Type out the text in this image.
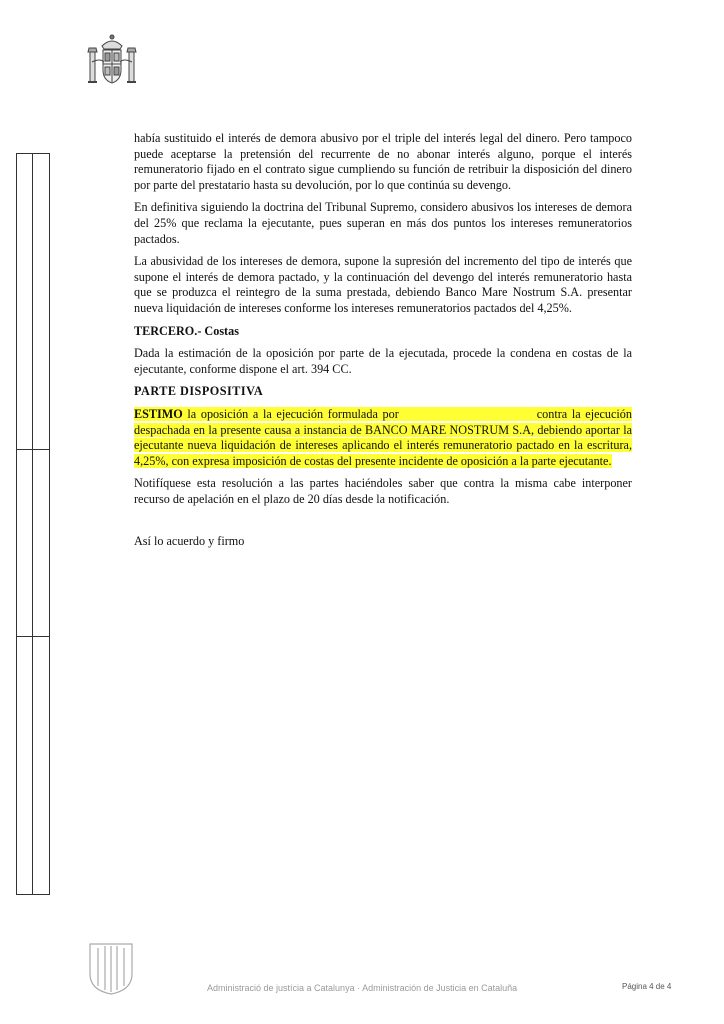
había sustituido el interés de demora abusivo por el triple del interés legal del dinero. Pero tampoco puede aceptarse la pretensión del recurrente de no abonar interés alguno, porque el interés remuneratorio fijado en el contrato sigue cumpliendo su función de retribuir la disposición del dinero por parte del prestatario hasta su devolución, por lo que continúa su devengo.

En definitiva siguiendo la doctrina del Tribunal Supremo, considero abusivos los intereses de demora del 25% que reclama la ejecutante, pues superan en más dos puntos los intereses remuneratorios pactados.

La abusividad de los intereses de demora, supone la supresión del incremento del tipo de interés que supone el interés de demora pactado, y la continuación del devengo del interés remuneratorio hasta que se produzca el reintegro de la suma prestada, debiendo Banco Mare Nostrum S.A. presentar nueva liquidación de intereses conforme los intereses remuneratorios pactados del 4,25%.

TERCERO.- Costas

Dada la estimación de la oposición por parte de la ejecutada, procede la condena en costas de la ejecutante, conforme dispone el art. 394 CC.

PARTE DISPOSITIVA

ESTIMO la oposición a la ejecución formulada por	contra la ejecución despachada en la presente causa a instancia de BANCO MARE NOSTRUM S.A, debiendo aportar la ejecutante nueva liquidación de intereses aplicando el interés remuneratorio pactado en la escritura, 4,25%, con expresa imposición de costas del presente incidente de oposición a la parte ejecutante.

Notifíquese esta resolución a las partes haciéndoles saber que contra la misma cabe interponer recurso de apelación en el plazo de 20 días desde la notificación.

Así lo acuerdo y firmo

Administració de justícia a Catalunya · Administración de Justicia en Cataluña	Página 4 de 4
